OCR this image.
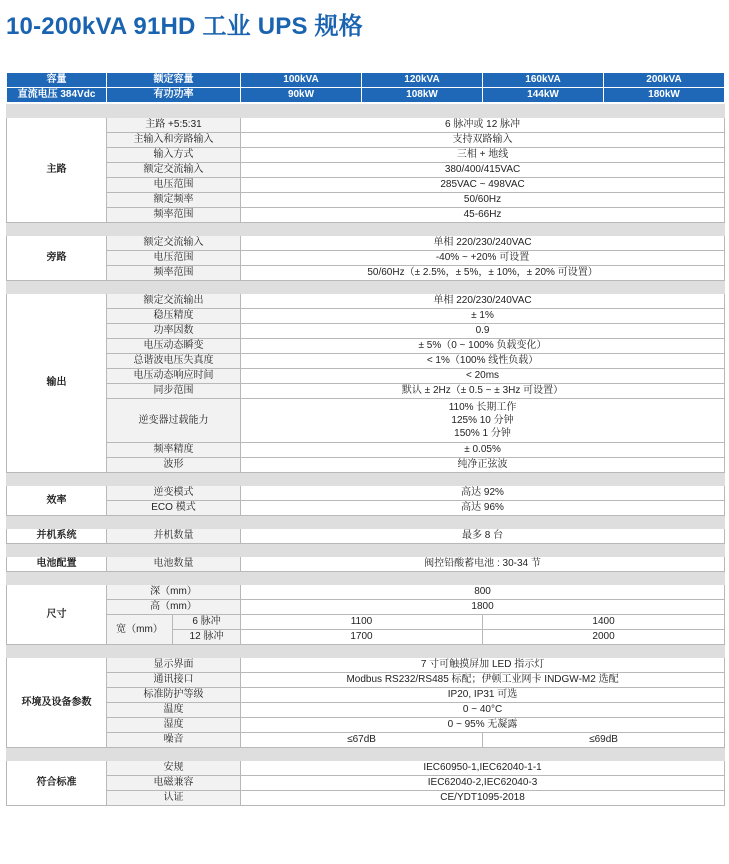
10-200kVA 91HD 工业 UPS 规格
容量	额定容量	100kVA	120kVA	160kVA	200kVA
直流电压 384Vdc	有功功率	90kW	108kW	144kW	180kW

主路	主路 +5:5:31		6 脉冲或 12 脉冲	
	主输入和旁路输入		支持双路输入	
	输入方式		三相 + 地线	
	额定交流输入		380/400/415VAC	
	电压范围		285VAC ~ 498VAC	
	额定频率		50/60Hz	
	频率范围		45-66Hz	

旁路	额定交流输入		单相 220/230/240VAC	
	电压范围		-40% ~ +20% 可设置	
	频率范围		50/60Hz（± 2.5%，± 5%，± 10%，± 20% 可设置）	

输出	额定交流输出		单相 220/230/240VAC	
	稳压精度		± 1%	
	功率因数		0.9	
	电压动态瞬变		± 5%（0 ~ 100% 负载变化）	
	总谐波电压失真度		< 1%（100% 线性负载）	
	电压动态响应时间		< 20ms	
	同步范围		默认 ± 2Hz（± 0.5 ~ ± 3Hz 可设置）	
	逆变器过载能力		110% 长期工作
125% 10 分钟
150% 1 分钟	

	频率精度		± 0.05%	
	波形		纯净正弦波	

效率	逆变模式		高达 92%	
	ECO 模式		高达 96%	

并机系统	并机数量		最多 8 台	

电池配置	电池数量		阀控铅酸蓄电池 : 30-34 节	

尺寸	深（mm）		800	
	高（mm）		1800	
	宽（mm）	6 脉冲	1100	1400
		12 脉冲	1700	2000

环境及设备参数	显示界面		7 寸可触摸屏加 LED 指示灯	
	通讯接口		Modbus RS232/RS485 标配；伊顿工业网卡 INDGW-M2 选配	
	标准防护等级		IP20, IP31 可选	
	温度		0 ~ 40°C	
	湿度		0 ~ 95% 无凝露	
	噪音		≤67dB	≤69dB

符合标准	安规		IEC60950-1,IEC62040-1-1	
	电磁兼容		IEC62040-2,IEC62040-3	
	认证		CE/YDT1095-2018	
